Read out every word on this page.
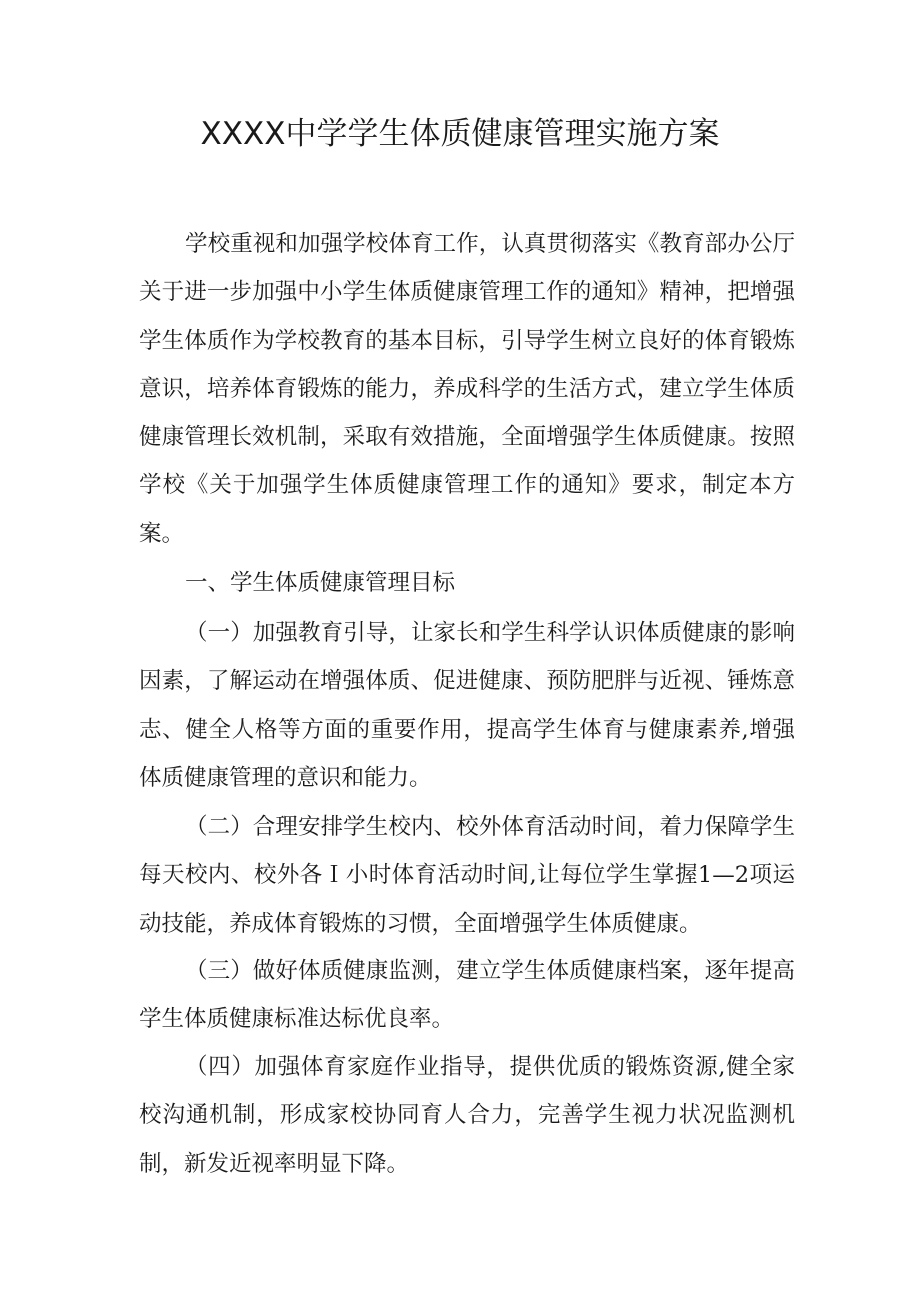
XXXX中学学生体质健康管理实施方案

学校重视和加强学校体育工作，认真贯彻落实《教育部办公厅关于进一步加强中小学生体质健康管理工作的通知》精神，把增强学生体质作为学校教育的基本目标，引导学生树立良好的体育锻炼意识，培养体育锻炼的能力，养成科学的生活方式，建立学生体质健康管理长效机制，采取有效措施，全面增强学生体质健康。按照学校《关于加强学生体质健康管理工作的通知》要求，制定本方案。

一、学生体质健康管理目标

（一）加强教育引导，让家长和学生科学认识体质健康的影响因素，了解运动在增强体质、促进健康、预防肥胖与近视、锤炼意志、健全人格等方面的重要作用，提高学生体育与健康素养,增强体质健康管理的意识和能力。

（二）合理安排学生校内、校外体育活动时间，着力保障学生每天校内、校外各Ｉ小时体育活动时间,让每位学生掌握1—2项运动技能，养成体育锻炼的习惯，全面增强学生体质健康。

（三）做好体质健康监测，建立学生体质健康档案，逐年提高学生体质健康标准达标优良率。

（四）加强体育家庭作业指导，提供优质的锻炼资源,健全家校沟通机制，形成家校协同育人合力，完善学生视力状况监测机制，新发近视率明显下降。
